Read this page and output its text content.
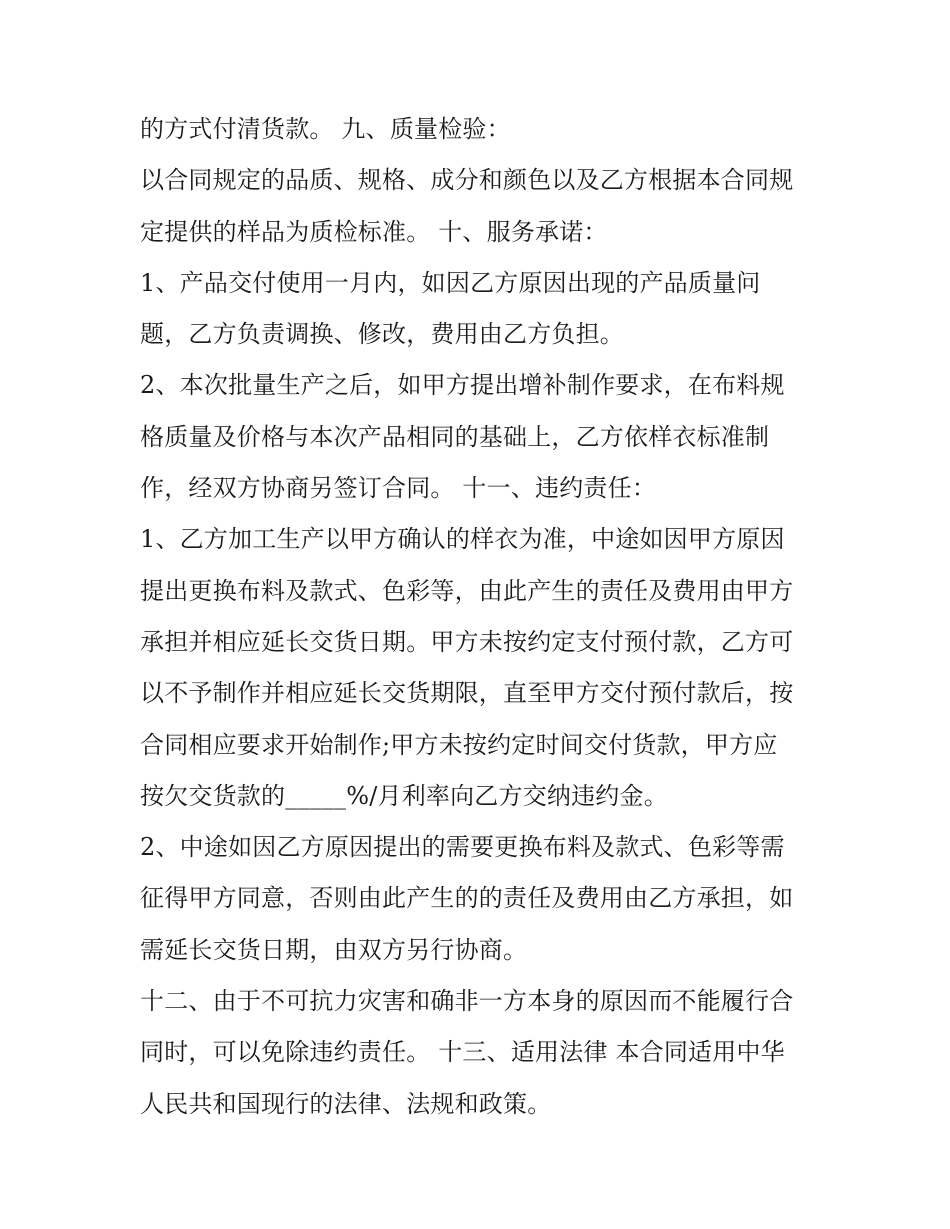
的方式付清货款。 九、质量检验：
以合同规定的品质、规格、成分和颜色以及乙方根据本合同规
定提供的样品为质检标准。 十、服务承诺：
1、产品交付使用一月内，如因乙方原因出现的产品质量问
题，乙方负责调换、修改，费用由乙方负担。
2、本次批量生产之后，如甲方提出增补制作要求，在布料规
格质量及价格与本次产品相同的基础上，乙方依样衣标准制
作，经双方协商另签订合同。 十一、违约责任：
1、乙方加工生产以甲方确认的样衣为准，中途如因甲方原因
提出更换布料及款式、色彩等，由此产生的责任及费用由甲方
承担并相应延长交货日期。甲方未按约定支付预付款，乙方可
以不予制作并相应延长交货期限，直至甲方交付预付款后，按
合同相应要求开始制作;甲方未按约定时间交付货款，甲方应
按欠交货款的_____%/月利率向乙方交纳违约金。
2、中途如因乙方原因提出的需要更换布料及款式、色彩等需
征得甲方同意，否则由此产生的的责任及费用由乙方承担，如
需延长交货日期，由双方另行协商。
十二、由于不可抗力灾害和确非一方本身的原因而不能履行合
同时，可以免除违约责任。 十三、适用法律 本合同适用中华
人民共和国现行的法律、法规和政策。
